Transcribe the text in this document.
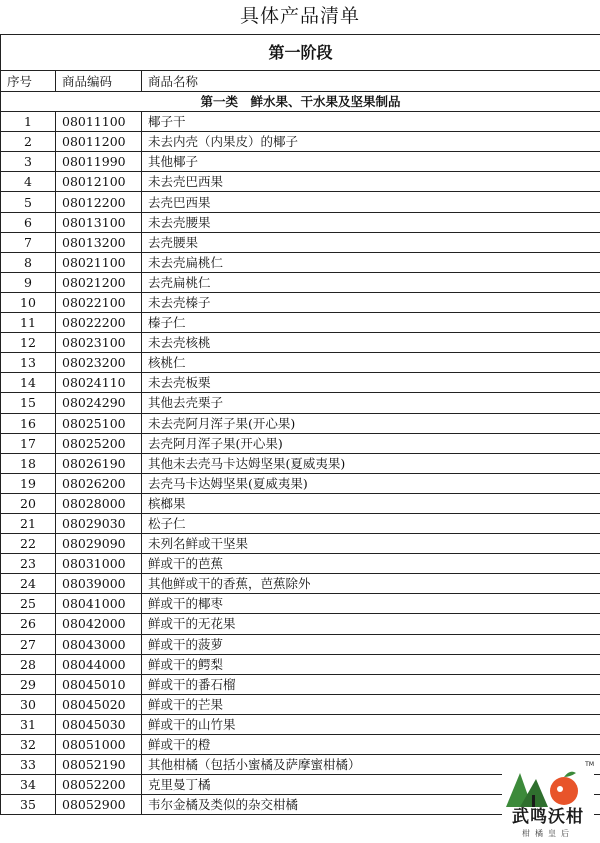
具体产品清单
第一阶段		
序号	商品编码	商品名称
第一类　鲜水果、干水果及坚果制品		
1	08011100	椰子干
2	08011200	未去内壳（内果皮）的椰子
3	08011990	其他椰子
4	08012100	未去壳巴西果
5	08012200	去壳巴西果
6	08013100	未去壳腰果
7	08013200	去壳腰果
8	08021100	未去壳扁桃仁
9	08021200	去壳扁桃仁
10	08022100	未去壳榛子
11	08022200	榛子仁
12	08023100	未去壳核桃
13	08023200	核桃仁
14	08024110	未去壳板栗
15	08024290	其他去壳栗子
16	08025100	未去壳阿月浑子果(开心果)
17	08025200	去壳阿月浑子果(开心果)
18	08026190	其他未去壳马卡达姆坚果(夏威夷果)
19	08026200	去壳马卡达姆坚果(夏威夷果)
20	08028000	槟榔果
21	08029030	松子仁
22	08029090	未列名鲜或干坚果
23	08031000	鲜或干的芭蕉
24	08039000	其他鲜或干的香蕉，芭蕉除外
25	08041000	鲜或干的椰枣
26	08042000	鲜或干的无花果
27	08043000	鲜或干的菠萝
28	08044000	鲜或干的鳄梨
29	08045010	鲜或干的番石榴
30	08045020	鲜或干的芒果
31	08045030	鲜或干的山竹果
32	08051000	鲜或干的橙
33	08052190	其他柑橘（包括小蜜橘及萨摩蜜柑橘）
34	08052200	克里曼丁橘
35	08052900	韦尔金橘及类似的杂交柑橘
TM
武鸣沃柑
柑橘皇后
